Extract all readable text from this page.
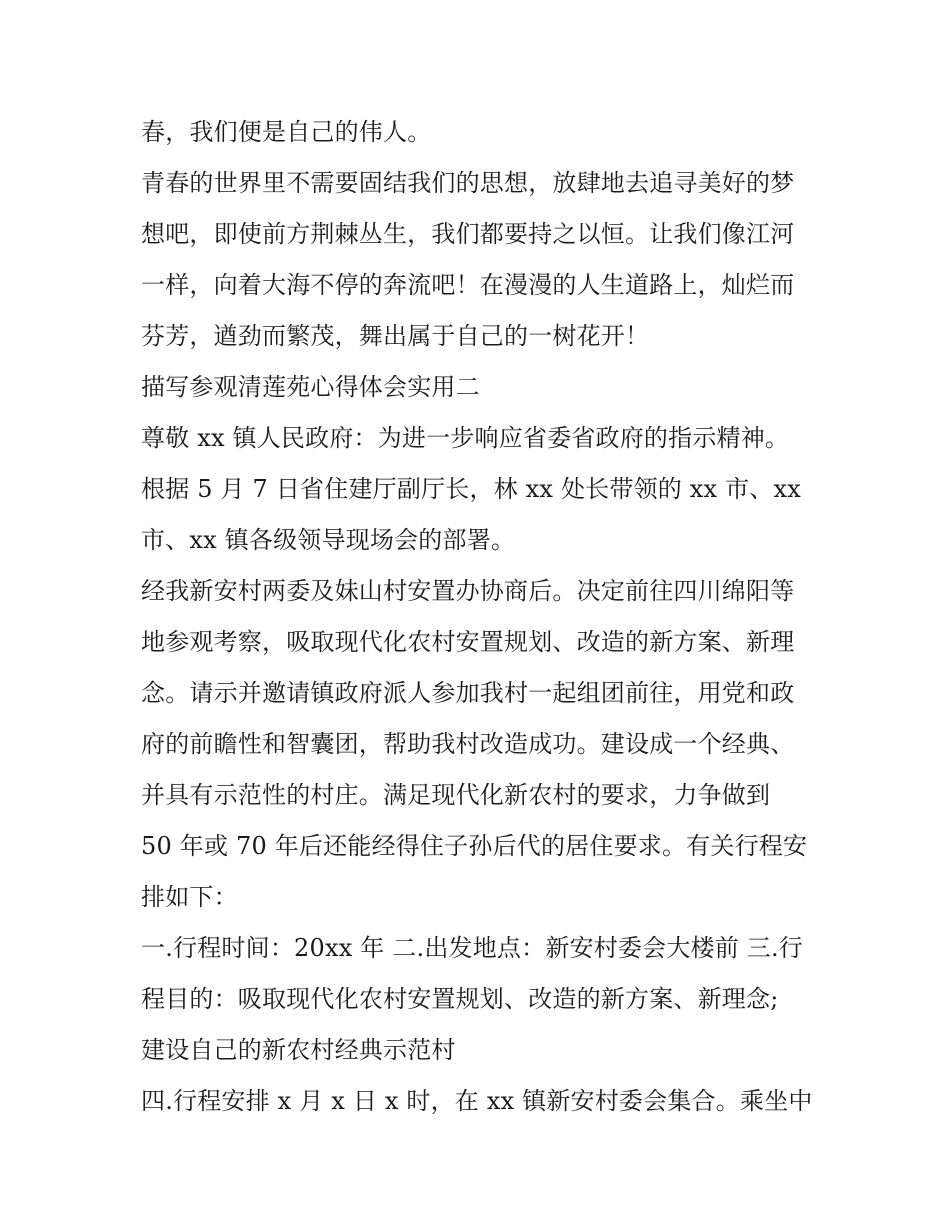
春，我们便是自己的伟人。
青春的世界里不需要固结我们的思想，放肆地去追寻美好的梦
想吧，即使前方荆棘丛生，我们都要持之以恒。让我们像江河
一样，向着大海不停的奔流吧！在漫漫的人生道路上，灿烂而
芬芳，遒劲而繁茂，舞出属于自己的一树花开！
描写参观清莲苑心得体会实用二
尊敬 xx 镇人民政府：为进一步响应省委省政府的指示精神。
根据 5 月 7 日省住建厅副厅长，林 xx 处长带领的 xx 市、xx
市、xx 镇各级领导现场会的部署。
经我新安村两委及妹山村安置办协商后。决定前往四川绵阳等
地参观考察，吸取现代化农村安置规划、改造的新方案、新理
念。请示并邀请镇政府派人参加我村一起组团前往，用党和政
府的前瞻性和智囊团，帮助我村改造成功。建设成一个经典、
并具有示范性的村庄。满足现代化新农村的要求，力争做到
50 年或 70 年后还能经得住子孙后代的居住要求。有关行程安
排如下：
一.行程时间：20xx 年 二.出发地点：新安村委会大楼前 三.行
程目的：吸取现代化农村安置规划、改造的新方案、新理念;
建设自己的新农村经典示范村
四.行程安排 x 月 x 日 x 时，在 xx 镇新安村委会集合。乘坐中
